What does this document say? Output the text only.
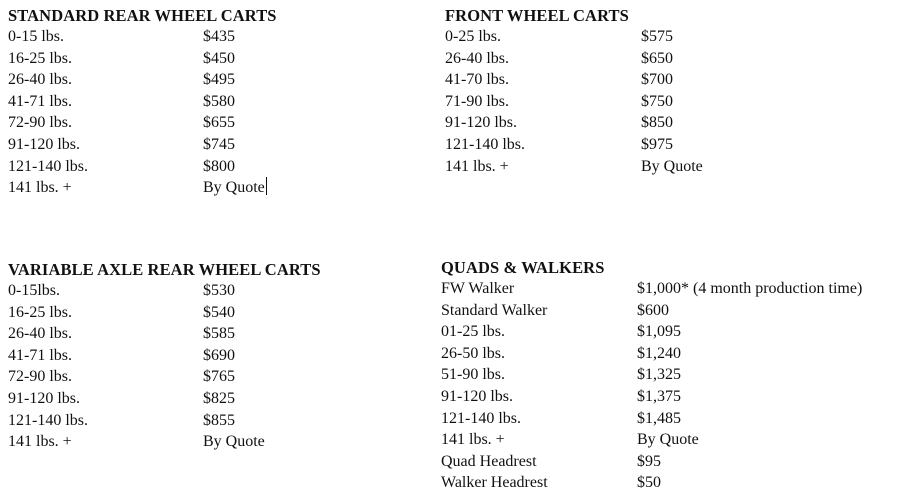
STANDARD REAR WHEEL CARTS
0-15 lbs.	$435
16-25 lbs.	$450
26-40 lbs.	$495
41-71 lbs.	$580
72-90 lbs.	$655
91-120 lbs.	$745
121-140 lbs.	$800
141 lbs. +	By Quote
FRONT WHEEL CARTS
0-25 lbs.	$575
26-40 lbs.	$650
41-70 lbs.	$700
71-90 lbs.	$750
91-120 lbs.	$850
121-140 lbs.	$975
141 lbs. +	By Quote
VARIABLE AXLE REAR WHEEL CARTS
0-15lbs.	$530
16-25 lbs.	$540
26-40 lbs.	$585
41-71 lbs.	$690
72-90 lbs.	$765
91-120 lbs.	$825
121-140 lbs.	$855
141 lbs. +	By Quote
QUADS & WALKERS
FW Walker	$1,000* (4 month production time)
Standard Walker	$600
01-25 lbs.	$1,095
26-50 lbs.	$1,240
51-90 lbs.	$1,325
91-120 lbs.	$1,375
121-140 lbs.	$1,485
141 lbs. +	By Quote
Quad Headrest	$95
Walker Headrest	$50
